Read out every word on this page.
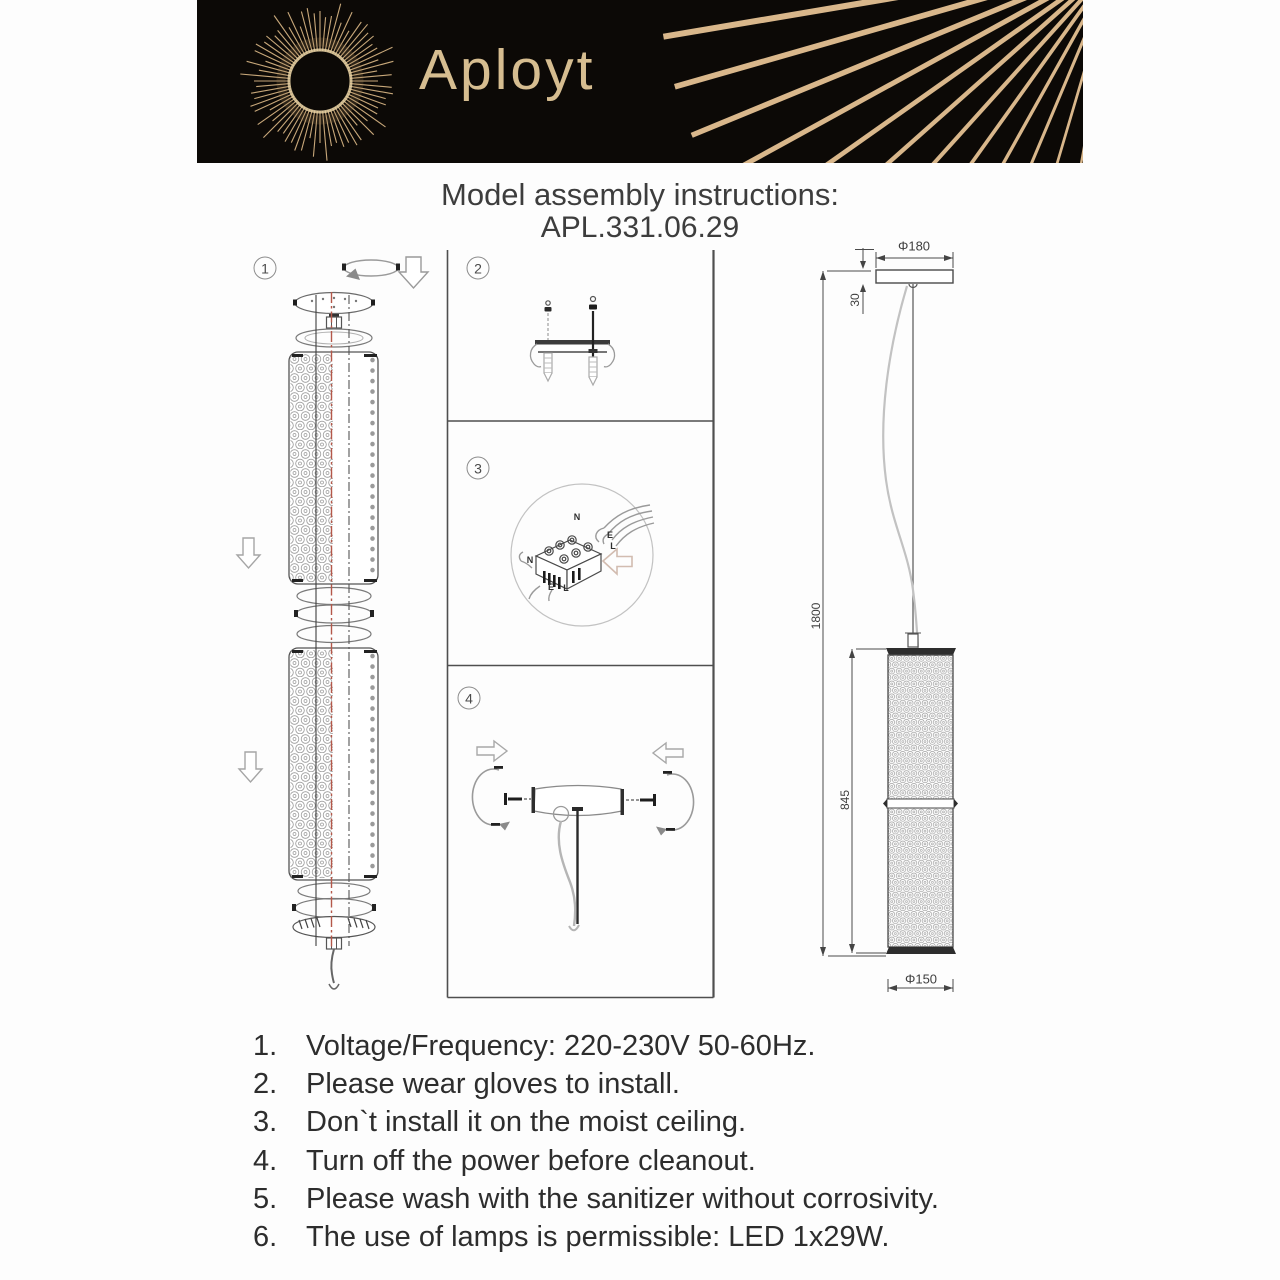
Aployt
Model assembly instructions:
APL.331.06.29
1	2
3
4
Φ180
30
1800
845
Φ150
N
E
L
N
E L
1. Voltage/Frequency: 220-230V 50-60Hz.
2. Please wear gloves to install.
3. Don`t install it on the moist ceiling.
4. Turn off the power before cleanout.
5. Please wash with the sanitizer without corrosivity.
6. The use of lamps is permissible: LED 1x29W.
